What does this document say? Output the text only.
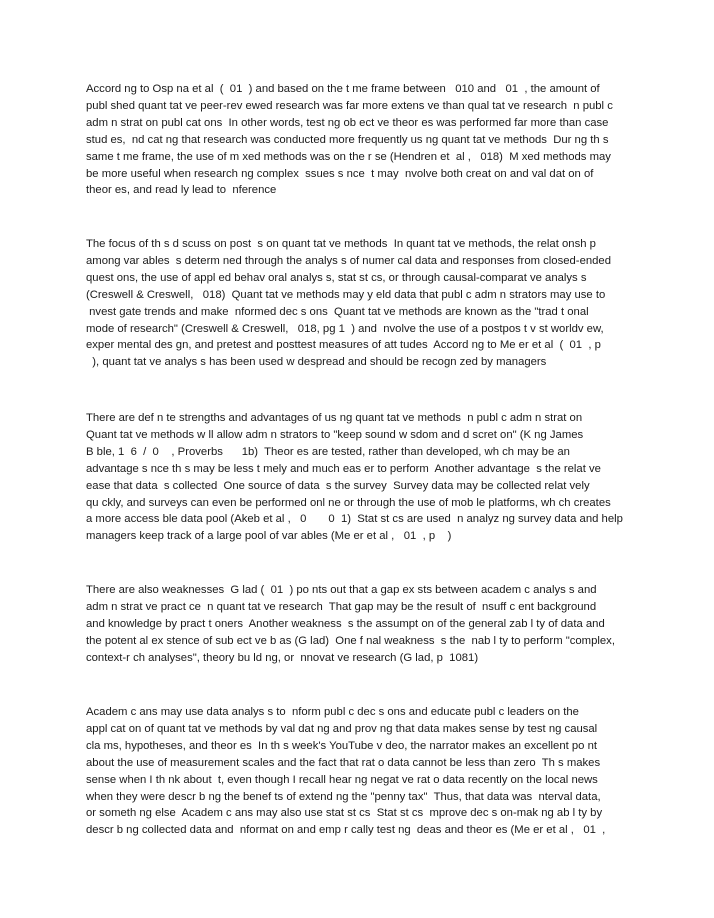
Accord ng to Osp na et al  (  01  ) and based on the t me frame between   010 and   01  , the amount of
publ shed quant tat ve peer-rev ewed research was far more extens ve than qual tat ve research  n publ c
adm n strat on publ cat ons  In other words, test ng ob ect ve theor es was performed far more than case
stud es,  nd cat ng that research was conducted more frequently us ng quant tat ve methods  Dur ng th s
same t me frame, the use of m xed methods was on the r se (Hendren et  al ,   018)  M xed methods may
be more useful when research ng complex  ssues s nce  t may  nvolve both creat on and val dat on of
theor es, and read ly lead to  nference
The focus of th s d scuss on post  s on quant tat ve methods  In quant tat ve methods, the relat onsh p
among var ables  s determ ned through the analys s of numer cal data and responses from closed-ended
quest ons, the use of appl ed behav oral analys s, stat st cs, or through causal-comparat ve analys s
(Creswell & Creswell,   018)  Quant tat ve methods may y eld data that publ c adm n strators may use to
nvest gate trends and make  nformed dec s ons  Quant tat ve methods are known as the "trad t onal
mode of research" (Creswell & Creswell,   018, pg 1  ) and  nvolve the use of a postpos t v st worldv ew,
exper mental des gn, and pretest and posttest measures of att tudes  Accord ng to Me er et al  (  01  , p
), quant tat ve analys s has been used w despread and should be recogn zed by managers
There are def n te strengths and advantages of us ng quant tat ve methods  n publ c adm n strat on
Quant tat ve methods w ll allow adm n strators to "keep sound w sdom and d scret on" (K ng James
B ble, 1  6  /  0    , Proverbs      1b)  Theor es are tested, rather than developed, wh ch may be an
advantage s nce th s may be less t mely and much eas er to perform  Another advantage  s the relat ve
ease that data  s collected  One source of data  s the survey  Survey data may be collected relat vely
qu ckly, and surveys can even be performed onl ne or through the use of mob le platforms, wh ch creates
a more access ble data pool (Akeb et al ,   0       0  1)  Stat st cs are used  n analyz ng survey data and help
managers keep track of a large pool of var ables (Me er et al ,   01  , p    )
There are also weaknesses  G lad (  01  ) po nts out that a gap ex sts between academ c analys s and
adm n strat ve pract ce  n quant tat ve research  That gap may be the result of  nsuff c ent background
and knowledge by pract t oners  Another weakness  s the assumpt on of the general zab l ty of data and
the potent al ex stence of sub ect ve b as (G lad)  One f nal weakness  s the  nab l ty to perform "complex,
context-r ch analyses", theory bu ld ng, or  nnovat ve research (G lad, p  1081)
Academ c ans may use data analys s to  nform publ c dec s ons and educate publ c leaders on the
appl cat on of quant tat ve methods by val dat ng and prov ng that data makes sense by test ng causal
cla ms, hypotheses, and theor es  In th s week's YouTube v deo, the narrator makes an excellent po nt
about the use of measurement scales and the fact that rat o data cannot be less than zero  Th s makes
sense when I th nk about  t, even though I recall hear ng negat ve rat o data recently on the local news
when they were descr b ng the benef ts of extend ng the "penny tax"  Thus, that data was  nterval data,
or someth ng else  Academ c ans may also use stat st cs  Stat st cs  mprove dec s on-mak ng ab l ty by
descr b ng collected data and  nformat on and emp r cally test ng  deas and theor es (Me er et al ,   01  ,
